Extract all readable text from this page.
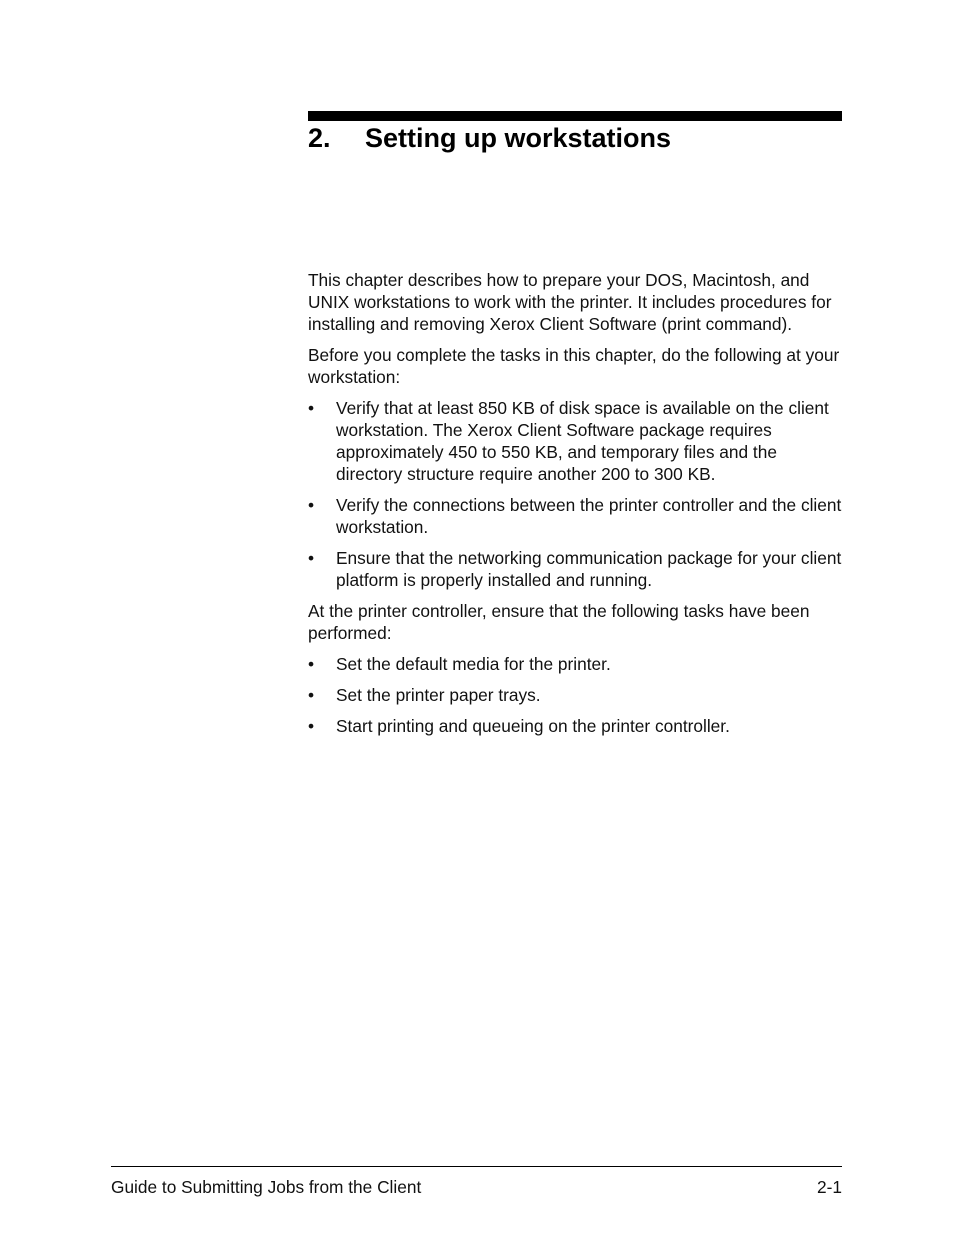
2. Setting up workstations

This chapter describes how to prepare your DOS, Macintosh, and UNIX workstations to work with the printer. It includes procedures for installing and removing Xerox Client Software (print command).

Before you complete the tasks in this chapter, do the following at your workstation:

• Verify that at least 850 KB of disk space is available on the client workstation. The Xerox Client Software package requires approximately 450 to 550 KB, and temporary files and the directory structure require another 200 to 300 KB.
• Verify the connections between the printer controller and the client workstation.
• Ensure that the networking communication package for your client platform is properly installed and running.

At the printer controller, ensure that the following tasks have been performed:

• Set the default media for the printer.
• Set the printer paper trays.
• Start printing and queueing on the printer controller.
Guide to Submitting Jobs from the Client	2-1
